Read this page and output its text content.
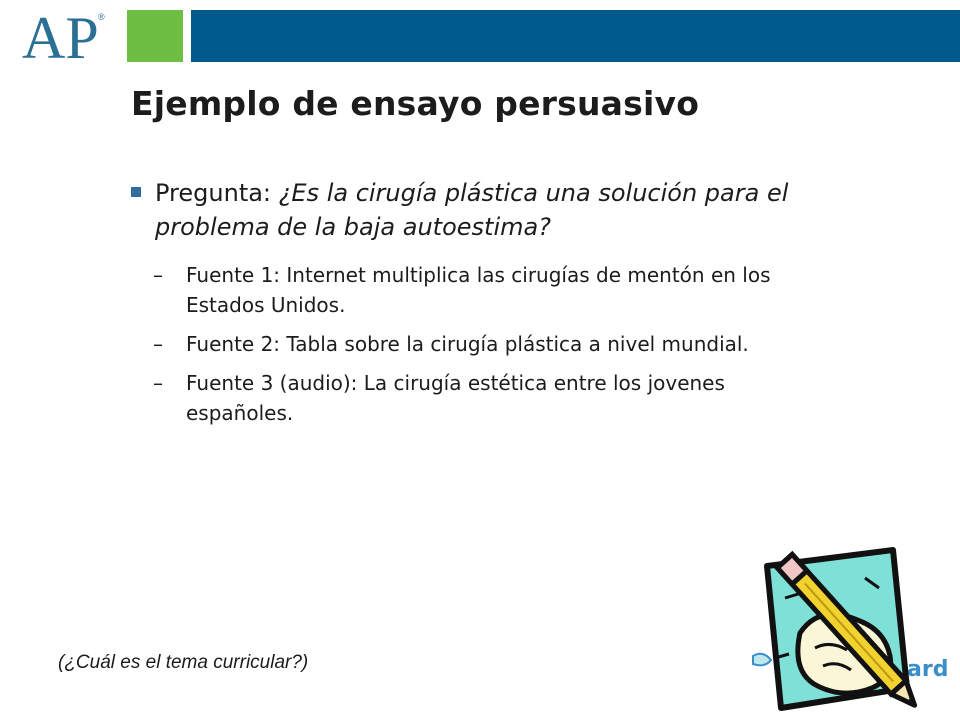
AP ®
Ejemplo de ensayo persuasivo
Pregunta: ¿Es la cirugía plástica una solución para el problema de la baja autoestima?
– Fuente 1: Internet multiplica las cirugías de mentón en los Estados Unidos.
– Fuente 2: Tabla sobre la cirugía plástica a nivel mundial.
– Fuente 3 (audio): La cirugía estética entre los jovenes españoles.
(¿Cuál es el tema curricular?)	ard
